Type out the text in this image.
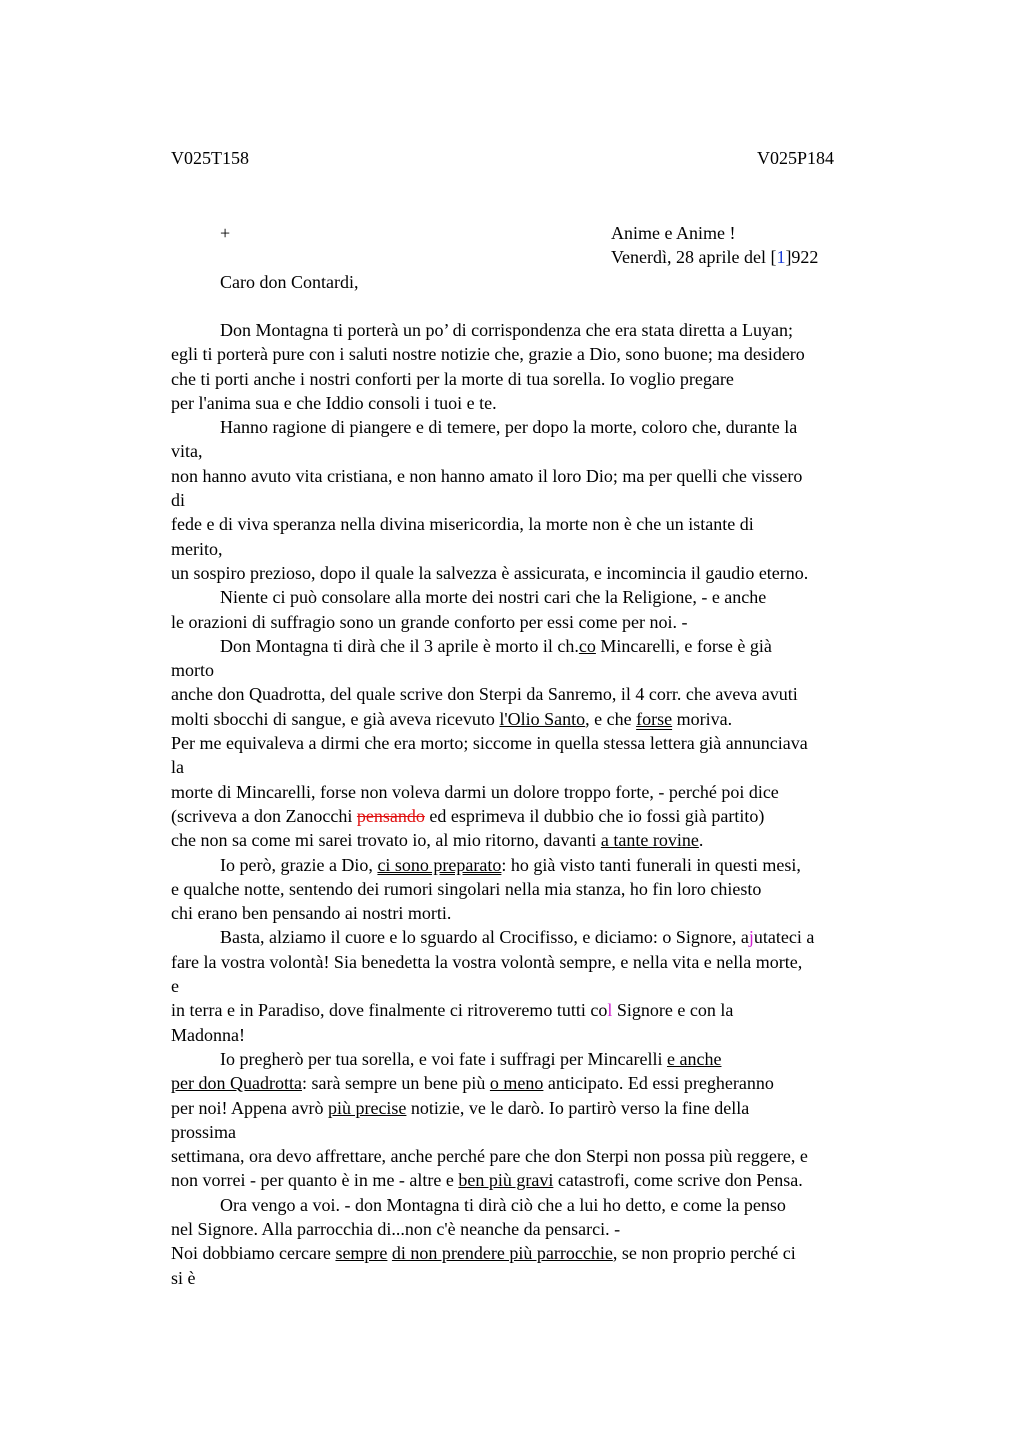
V025T158	V025P184
+	Anime e Anime !
Venerdì, 28 aprile del [1]922
Caro don Contardi,
Don Montagna ti porterà un po’ di corrispondenza che era stata diretta a Luyan;
egli ti porterà pure con i saluti nostre notizie che, grazie a Dio, sono buone; ma desidero
che ti porti anche i nostri conforti per la morte di tua sorella. Io voglio pregare
per l'anima sua e che Iddio consoli i tuoi e te.
Hanno ragione di piangere e di temere, per dopo la morte, coloro che, durante la
vita,
non hanno avuto vita cristiana, e non hanno amato il loro Dio; ma per quelli che vissero
di
fede e di viva speranza nella divina misericordia, la morte non è che un istante di
merito,
un sospiro prezioso, dopo il quale la salvezza è assicurata, e incomincia il gaudio eterno.
Niente ci può consolare alla morte dei nostri cari che la Religione, - e anche
le orazioni di suffragio sono un grande conforto per essi come per noi. -
Don Montagna ti dirà che il 3 aprile è morto il ch.co Mincarelli, e forse è già
morto
anche don Quadrotta, del quale scrive don Sterpi da Sanremo, il 4 corr. che aveva avuti
molti sbocchi di sangue, e già aveva ricevuto l'Olio Santo, e che forse moriva.
Per me equivaleva a dirmi che era morto; siccome in quella stessa lettera già annunciava
la
morte di Mincarelli, forse non voleva darmi un dolore troppo forte, - perché poi dice
(scriveva a don Zanocchi pensando ed esprimeva il dubbio che io fossi già partito)
che non sa come mi sarei trovato io, al mio ritorno, davanti a tante rovine.
Io però, grazie a Dio, ci sono preparato: ho già visto tanti funerali in questi mesi,
e qualche notte, sentendo dei rumori singolari nella mia stanza, ho fin loro chiesto
chi erano ben pensando ai nostri morti.
Basta, alziamo il cuore e lo sguardo al Crocifisso, e diciamo: o Signore, ajutateci a
fare la vostra volontà! Sia benedetta la vostra volontà sempre, e nella vita e nella morte,
e
in terra e in Paradiso, dove finalmente ci ritroveremo tutti col Signore e con la
Madonna!
Io pregherò per tua sorella, e voi fate i suffragi per Mincarelli e anche
per don Quadrotta: sarà sempre un bene più o meno anticipato. Ed essi pregheranno
per noi! Appena avrò più precise notizie, ve le darò. Io partirò verso la fine della
prossima
settimana, ora devo affrettare, anche perché pare che don Sterpi non possa più reggere, e
non vorrei - per quanto è in me - altre e ben più gravi catastrofi, come scrive don Pensa.
Ora vengo a voi. - don Montagna ti dirà ciò che a lui ho detto, e come la penso
nel Signore. Alla parrocchia di...non c'è neanche da pensarci. -
Noi dobbiamo cercare sempre di non prendere più parrocchie, se non proprio perché ci
si è
